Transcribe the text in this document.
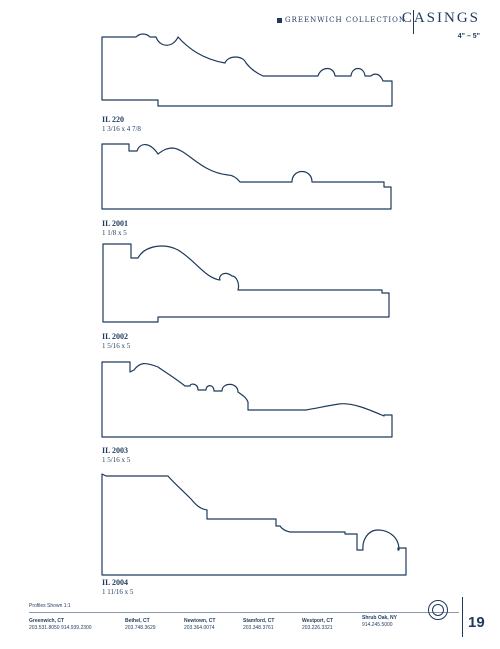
GREENWICH COLLECTION
CASINGS
4" – 5"
IL 220
1 3/16 x 4 7/8
IL 2001
1 1/8 x 5
IL 2002
1 5/16 x 5
IL 2003
1 5/16 x 5
IL 2004
1 11/16 x 5
Profiles Shown 1:1
Greenwich, CT
203.531.8050 914.939.2300
Bethel, CT
203.748.3629
Newtown, CT
203.364.0074
Stamford, CT
203.348.3761
Westport, CT
203.226.3321
Shrub Oak, NY
914.245.5000	19
